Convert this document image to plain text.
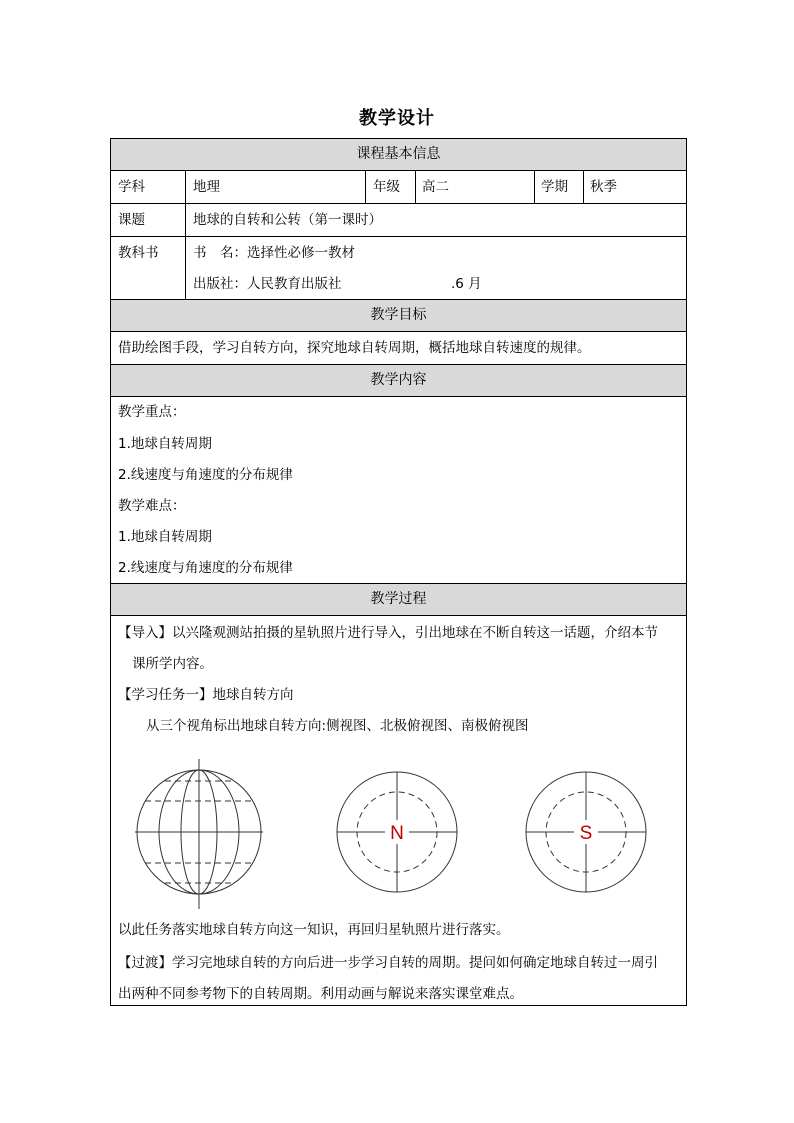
教学设计
课程基本信息
教学目标
教学内容
教学过程
学科	地理	年级 高二	学期 秋季
课题	地球的自转和公转（第一课时）
教科书	书　名：选择性必修一教材
出版社：人民教育出版社	.6 月
借助绘图手段，学习自转方向，探究地球自转周期，概括地球自转速度的规律。
教学重点：
1.地球自转周期
2.线速度与角速度的分布规律
教学难点：
1.地球自转周期
2.线速度与角速度的分布规律
【导入】以兴隆观测站拍摄的星轨照片进行导入，引出地球在不断自转这一话题，介绍本节
课所学内容。
【学习任务一】地球自转方向
从三个视角标出地球自转方向:侧视图、北极俯视图、南极俯视图
N	S
以此任务落实地球自转方向这一知识，再回归星轨照片进行落实。
【过渡】学习完地球自转的方向后进一步学习自转的周期。提问如何确定地球自转过一周引
出两种不同参考物下的自转周期。利用动画与解说来落实课堂难点。
